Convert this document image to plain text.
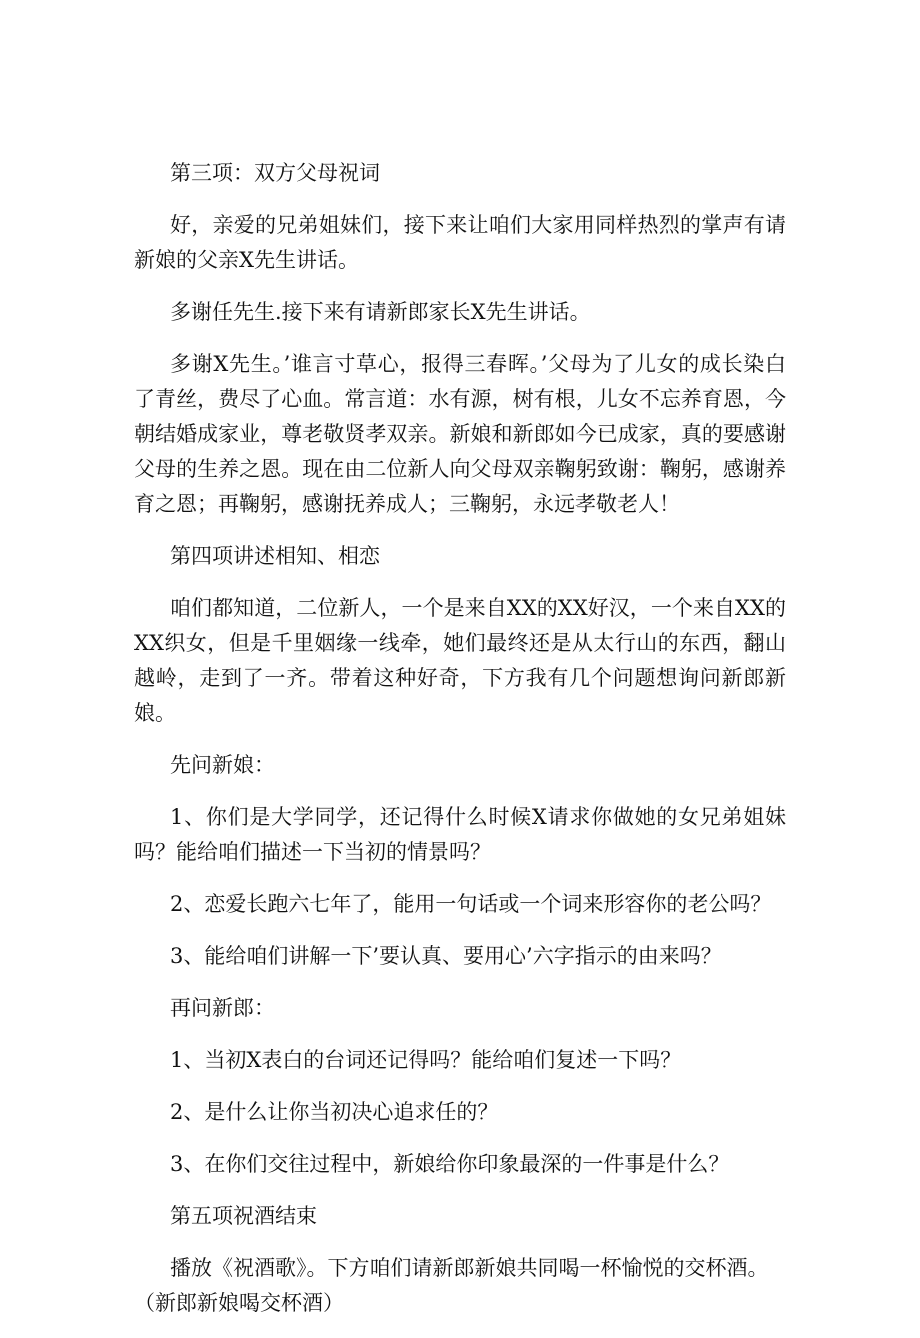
第三项：双方父母祝词

好，亲爱的兄弟姐妹们，接下来让咱们大家用同样热烈的掌声有请新娘的父亲X先生讲话。

多谢任先生.接下来有请新郎家长X先生讲话。

多谢X先生。’谁言寸草心，报得三春晖。’父母为了儿女的成长染白了青丝，费尽了心血。常言道：水有源，树有根，儿女不忘养育恩，今朝结婚成家业，尊老敬贤孝双亲。新娘和新郎如今已成家，真的要感谢父母的生养之恩。现在由二位新人向父母双亲鞠躬致谢：鞠躬，感谢养育之恩；再鞠躬，感谢抚养成人；三鞠躬，永远孝敬老人！

第四项讲述相知、相恋

咱们都知道，二位新人，一个是来自XX的XX好汉，一个来自XX的XX织女，但是千里姻缘一线牵，她们最终还是从太行山的东西，翻山越岭，走到了一齐。带着这种好奇，下方我有几个问题想询问新郎新娘。

先问新娘：

1、你们是大学同学，还记得什么时候X请求你做她的女兄弟姐妹吗？能给咱们描述一下当初的情景吗？

2、恋爱长跑六七年了，能用一句话或一个词来形容你的老公吗？

3、能给咱们讲解一下’要认真、要用心’六字指示的由来吗？

再问新郎：

1、当初X表白的台词还记得吗？能给咱们复述一下吗？

2、是什么让你当初决心追求任的？

3、在你们交往过程中，新娘给你印象最深的一件事是什么？

第五项祝酒结束

播放《祝酒歌》。下方咱们请新郎新娘共同喝一杯愉悦的交杯酒。

（新郎新娘喝交杯酒）
